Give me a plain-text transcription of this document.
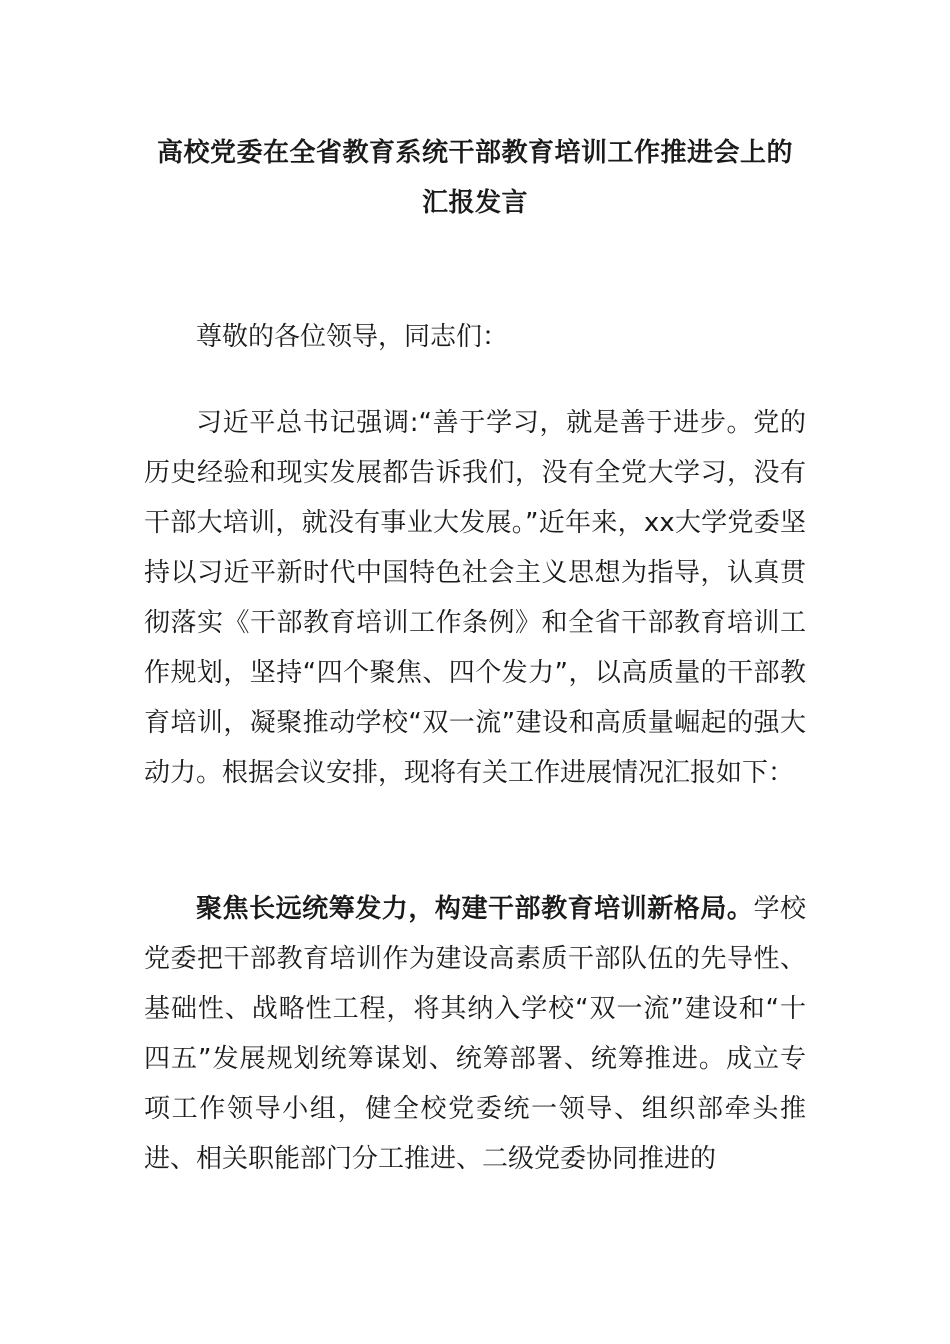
高校党委在全省教育系统干部教育培训工作推进会上的汇报发言

尊敬的各位领导，同志们：

习近平总书记强调:“善于学习，就是善于进步。党的历史经验和现实发展都告诉我们，没有全党大学习，没有干部大培训，就没有事业大发展。”近年来，xx大学党委坚持以习近平新时代中国特色社会主义思想为指导，认真贯彻落实《干部教育培训工作条例》和全省干部教育培训工作规划，坚持“四个聚焦、四个发力”，以高质量的干部教育培训，凝聚推动学校“双一流”建设和高质量崛起的强大动力。根据会议安排，现将有关工作进展情况汇报如下：

聚焦长远统筹发力，构建干部教育培训新格局。学校党委把干部教育培训作为建设高素质干部队伍的先导性、基础性、战略性工程，将其纳入学校“双一流”建设和“十四五”发展规划统筹谋划、统筹部署、统筹推进。成立专项工作领导小组，健全校党委统一领导、组织部牵头推进、相关职能部门分工推进、二级党委协同推进的
